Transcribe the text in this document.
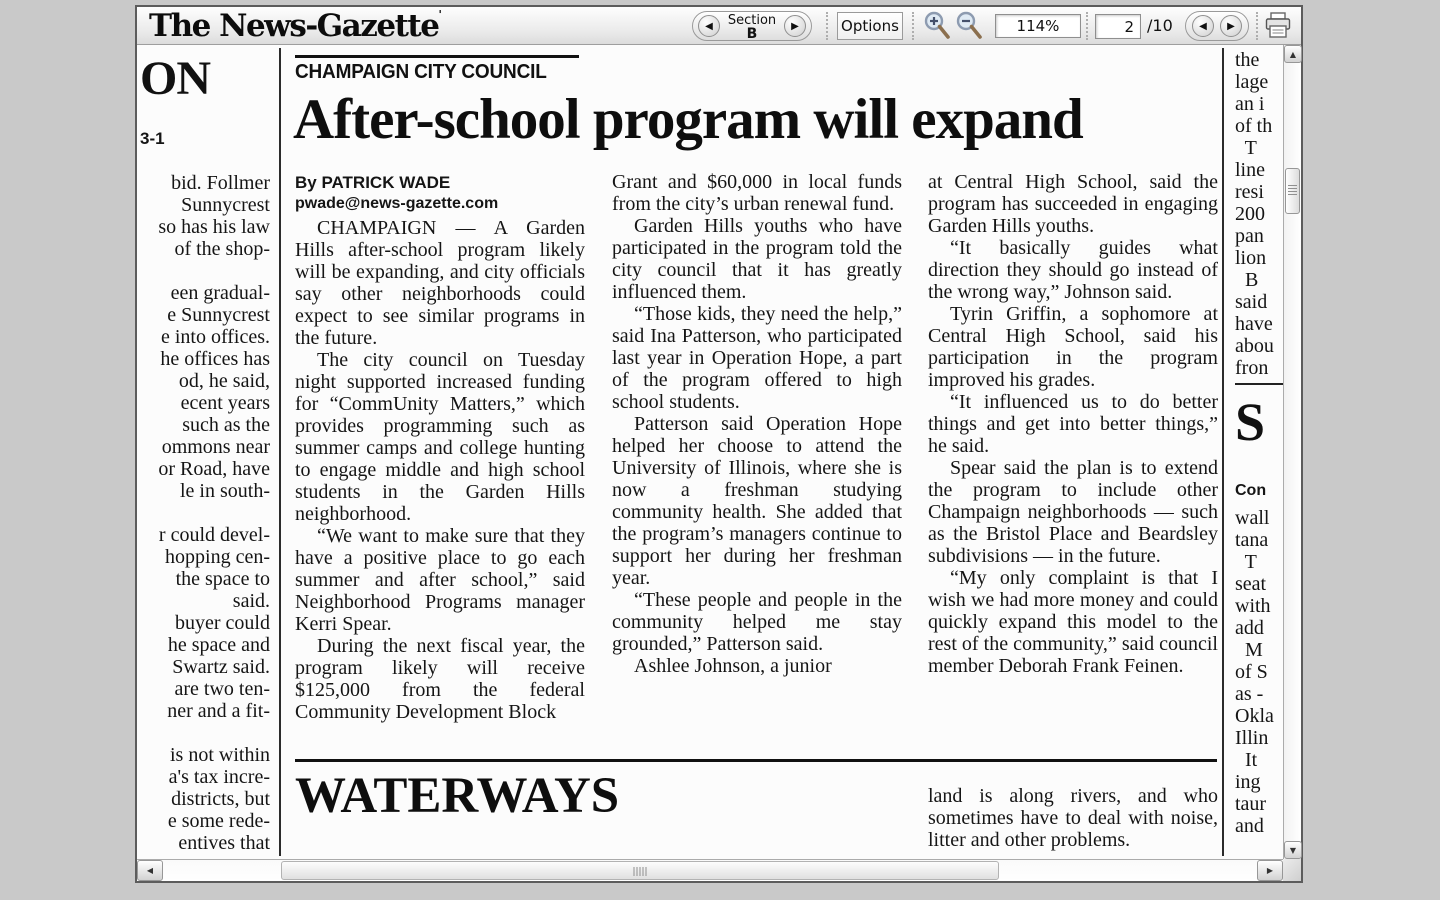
The News-Gazette'
◀	Section
B	▶	Options
114%
2	/10	◀ ▶
ON
3-1
bid. Follmer
Sunnycrest
so has his law
of the shop-
een gradual-
e Sunnycrest
e into offices.
he offices has
od, he said,
ecent years
such as the
ommons near
or Road, have
le in south-
r could devel-
hopping cen-
the space to
said.
buyer could
he space and
Swartz said.
are two ten-
ner and a fit-
is not within
a's tax incre-
districts, but
e some rede-
entives that
CHAMPAIGN CITY COUNCIL
After-school program will expand
By PATRICK WADE
pwade@news-gazette.com

CHAMPAIGN — A Garden Hills after-school program likely will be expanding, and city officials say other neighborhoods could expect to see similar programs in the future.

The city council on Tuesday night supported increased funding for “CommUnity Matters,” which provides programming such as summer camps and college hunting to engage middle and high school students in the Garden Hills neighborhood.

“We want to make sure that they have a positive place to go each summer and after school,” said Neighborhood Programs manager Kerri Spear.

During the next fiscal year, the program likely will receive $125,000 from the federal Community Development Block

Grant and $60,000 in local funds from the city’s urban renewal fund.

Garden Hills youths who have participated in the program told the city council that it has greatly influenced them.

“Those kids, they need the help,” said Ina Patterson, who participated last year in Operation Hope, a part of the program offered to high school students.

Patterson said Operation Hope helped her choose to attend the University of Illinois, where she is now a freshman studying community health. She added that the program’s managers continue to support her during her freshman year.

“These people and people in the community helped me stay grounded,” Patterson said.

Ashlee Johnson, a junior

at Central High School, said the program has succeeded in engaging Garden Hills youths.

“It basically guides what direction they should go instead of the wrong way,” Johnson said.

Tyrin Griffin, a sophomore at Central High School, said his participation in the program improved his grades.

“It influenced us to do better things and get into better things,” he said.

Spear said the plan is to extend the program to include other Champaign neighborhoods — such as the Bristol Place and Beardsley subdivisions — in the future.

“My only complaint is that I wish we had more money and could quickly expand this model to the rest of the community,” said council member Deborah Frank Feinen.

WATERWAYS	land is along rivers, and who sometimes have to deal with noise, litter and other problems.
the
lage
an i
of th
T
line
resi
200
pan
lion
B
said
have
abou
fron
S
Con
wall
tana
T
seat
with
add
M
of S
as -
Okla
Illin
It
ing
taur
and
▲
▼
◀	▶
